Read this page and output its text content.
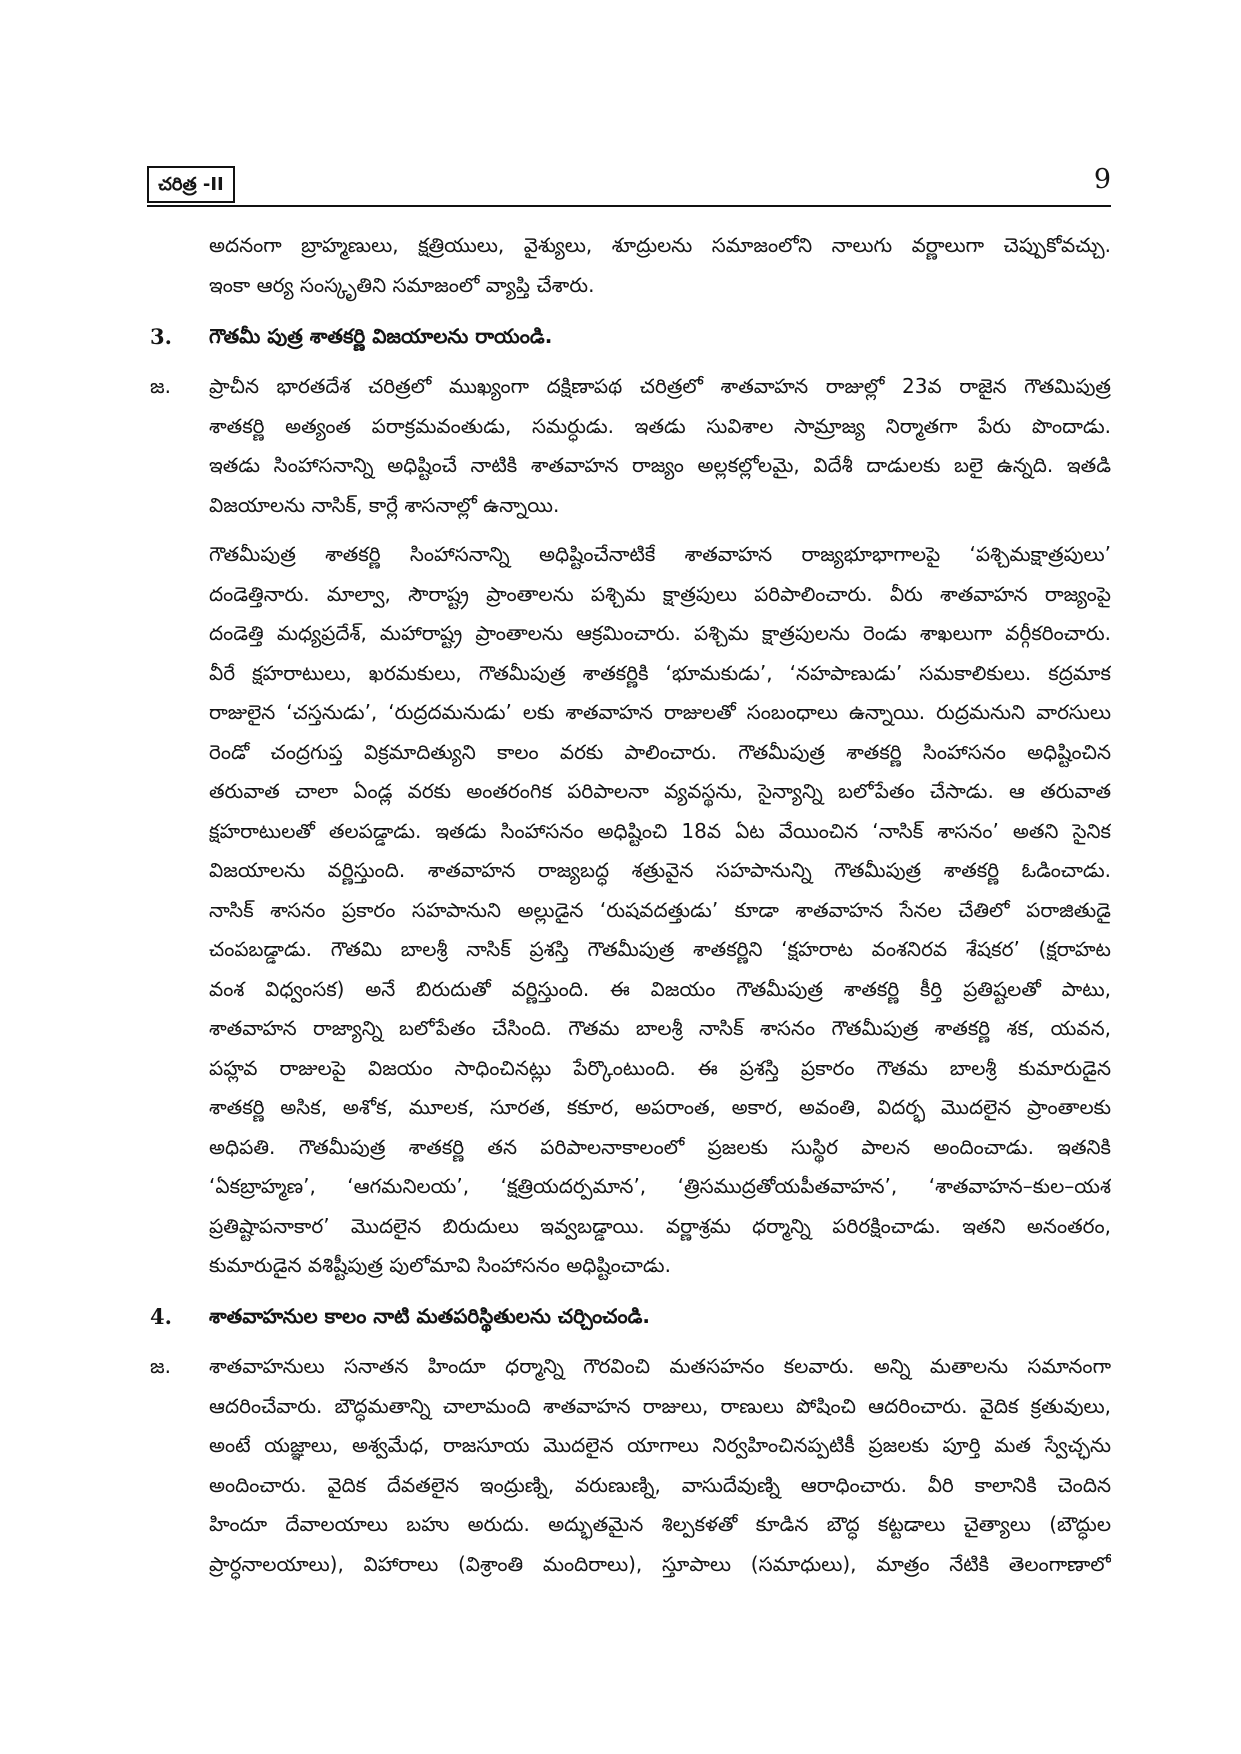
చరిత్ర -II	9
అదనంగా బ్రాహ్మణులు, క్షత్రియులు, వైశ్యులు, శూద్రులను సమాజంలోని నాలుగు వర్ణాలుగా చెప్పుకోవచ్చు.
ఇంకా ఆర్య సంస్కృతిని సమాజంలో వ్యాప్తి చేశారు.
3. గౌతమీ పుత్ర శాతకర్ణి విజయాలను రాయండి.
జ. ప్రాచీన భారతదేశ చరిత్రలో ముఖ్యంగా దక్షిణాపథ చరిత్రలో శాతవాహన రాజుల్లో 23వ రాజైన గౌతమిపుత్ర
శాతకర్ణి అత్యంత పరాక్రమవంతుడు, సమర్ధుడు. ఇతడు సువిశాల సామ్రాజ్య నిర్మాతగా పేరు పొందాడు.
ఇతడు సింహాసనాన్ని అధిష్టించే నాటికి శాతవాహన రాజ్యం అల్లకల్లోలమై, విదేశీ దాడులకు బలై ఉన్నది. ఇతడి
విజయాలను నాసిక్, కార్లే శాసనాల్లో ఉన్నాయి.
గౌతమీపుత్ర శాతకర్ణి సింహాసనాన్ని అధిష్టించేనాటికే శాతవాహన రాజ్యభూభాగాలపై ‘పశ్చిమక్షాత్రపులు’
దండెత్తినారు. మాల్వా, సౌరాష్ట్ర ప్రాంతాలను పశ్చిమ క్షాత్రపులు పరిపాలించారు. వీరు శాతవాహన రాజ్యంపై
దండెత్తి మధ్యప్రదేశ్, మహారాష్ట్ర ప్రాంతాలను ఆక్రమించారు. పశ్చిమ క్షాత్రపులను రెండు శాఖలుగా వర్గీకరించారు.
వీరే క్షహరాటులు, ఖరమకులు, గౌతమీపుత్ర శాతకర్ణికి ‘భూమకుడు’, ‘నహపాణుడు’ సమకాలికులు. కద్రమాక
రాజులైన ‘చస్తనుడు’, ‘రుద్రదమనుడు’ లకు శాతవాహన రాజులతో సంబంధాలు ఉన్నాయి. రుద్రమనుని వారసులు
రెండో చంద్రగుప్త విక్రమాదిత్యుని కాలం వరకు పాలించారు. గౌతమీపుత్ర శాతకర్ణి సింహాసనం అధిష్టించిన
తరువాత చాలా ఏండ్ల వరకు అంతరంగిక పరిపాలనా వ్యవస్థను, సైన్యాన్ని బలోపేతం చేసాడు. ఆ తరువాత
క్షహరాటులతో తలపడ్డాడు. ఇతడు సింహాసనం అధిష్టించి 18వ ఏట వేయించిన ‘నాసిక్ శాసనం’ అతని సైనిక
విజయాలను వర్ణిస్తుంది. శాతవాహన రాజ్యబద్ధ శత్రువైన సహపానున్ని గౌతమీపుత్ర శాతకర్ణి ఓడించాడు.
నాసిక్ శాసనం ప్రకారం సహపానుని అల్లుడైన ‘రుషవదత్తుడు’ కూడా శాతవాహన సేనల చేతిలో పరాజితుడై
చంపబడ్డాడు. గౌతమి బాలశ్రీ నాసిక్ ప్రశస్తి గౌతమీపుత్ర శాతకర్ణిని ‘క్షహరాట వంశనిరవ శేషకర’ (క్షరాహట
వంశ విధ్వంసక) అనే బిరుదుతో వర్ణిస్తుంది. ఈ విజయం గౌతమీపుత్ర శాతకర్ణి కీర్తి ప్రతిష్టలతో పాటు,
శాతవాహన రాజ్యాన్ని బలోపేతం చేసింది. గౌతమ బాలశ్రీ నాసిక్ శాసనం గౌతమీపుత్ర శాతకర్ణి శక, యవన,
పహ్లవ రాజులపై విజయం సాధించినట్లు పేర్కొంటుంది. ఈ ప్రశస్తి ప్రకారం గౌతమ బాలశ్రీ కుమారుడైన
శాతకర్ణి అసిక, అశోక, మూలక, సూరత, కకూర, అపరాంత, అకార, అవంతి, విదర్భ మొదలైన ప్రాంతాలకు
అధిపతి. గౌతమీపుత్ర శాతకర్ణి తన పరిపాలనాకాలంలో ప్రజలకు సుస్థిర పాలన అందించాడు. ఇతనికి
‘ఏకబ్రాహ్మణ’, ‘ఆగమనిలయ’, ‘క్షత్రియదర్పమాన’, ‘త్రిసముద్రతోయపీతవాహన’, ‘శాతవాహన–కుల–యశ
ప్రతిష్టాపనాకార’ మొదలైన బిరుదులు ఇవ్వబడ్డాయి. వర్ణాశ్రమ ధర్మాన్ని పరిరక్షించాడు. ఇతని అనంతరం,
కుమారుడైన వశిష్టీపుత్ర పులోమావి సింహాసనం అధిష్టించాడు.
4. శాతవాహనుల కాలం నాటి మతపరిస్థితులను చర్చించండి.
జ. శాతవాహనులు సనాతన హిందూ ధర్మాన్ని గౌరవించి మతసహనం కలవారు. అన్ని మతాలను సమానంగా
ఆదరించేవారు. బౌద్ధమతాన్ని చాలామంది శాతవాహన రాజులు, రాణులు పోషించి ఆదరించారు. వైదిక క్రతువులు,
అంటే యజ్ఞాలు, అశ్వమేధ, రాజసూయ మొదలైన యాగాలు నిర్వహించినప్పటికీ ప్రజలకు పూర్తి మత స్వేచ్ఛను
అందించారు. వైదిక దేవతలైన ఇంద్రుణ్ని, వరుణుణ్ని, వాసుదేవుణ్ని ఆరాధించారు. వీరి కాలానికి చెందిన
హిందూ దేవాలయాలు బహు అరుదు. అద్భుతమైన శిల్పకళతో కూడిన బౌద్ధ కట్టడాలు చైత్యాలు (బౌద్ధుల
ప్రార్ధనాలయాలు), విహారాలు (విశ్రాంతి మందిరాలు), స్తూపాలు (సమాధులు), మాత్రం నేటికి తెలంగాణాలో
